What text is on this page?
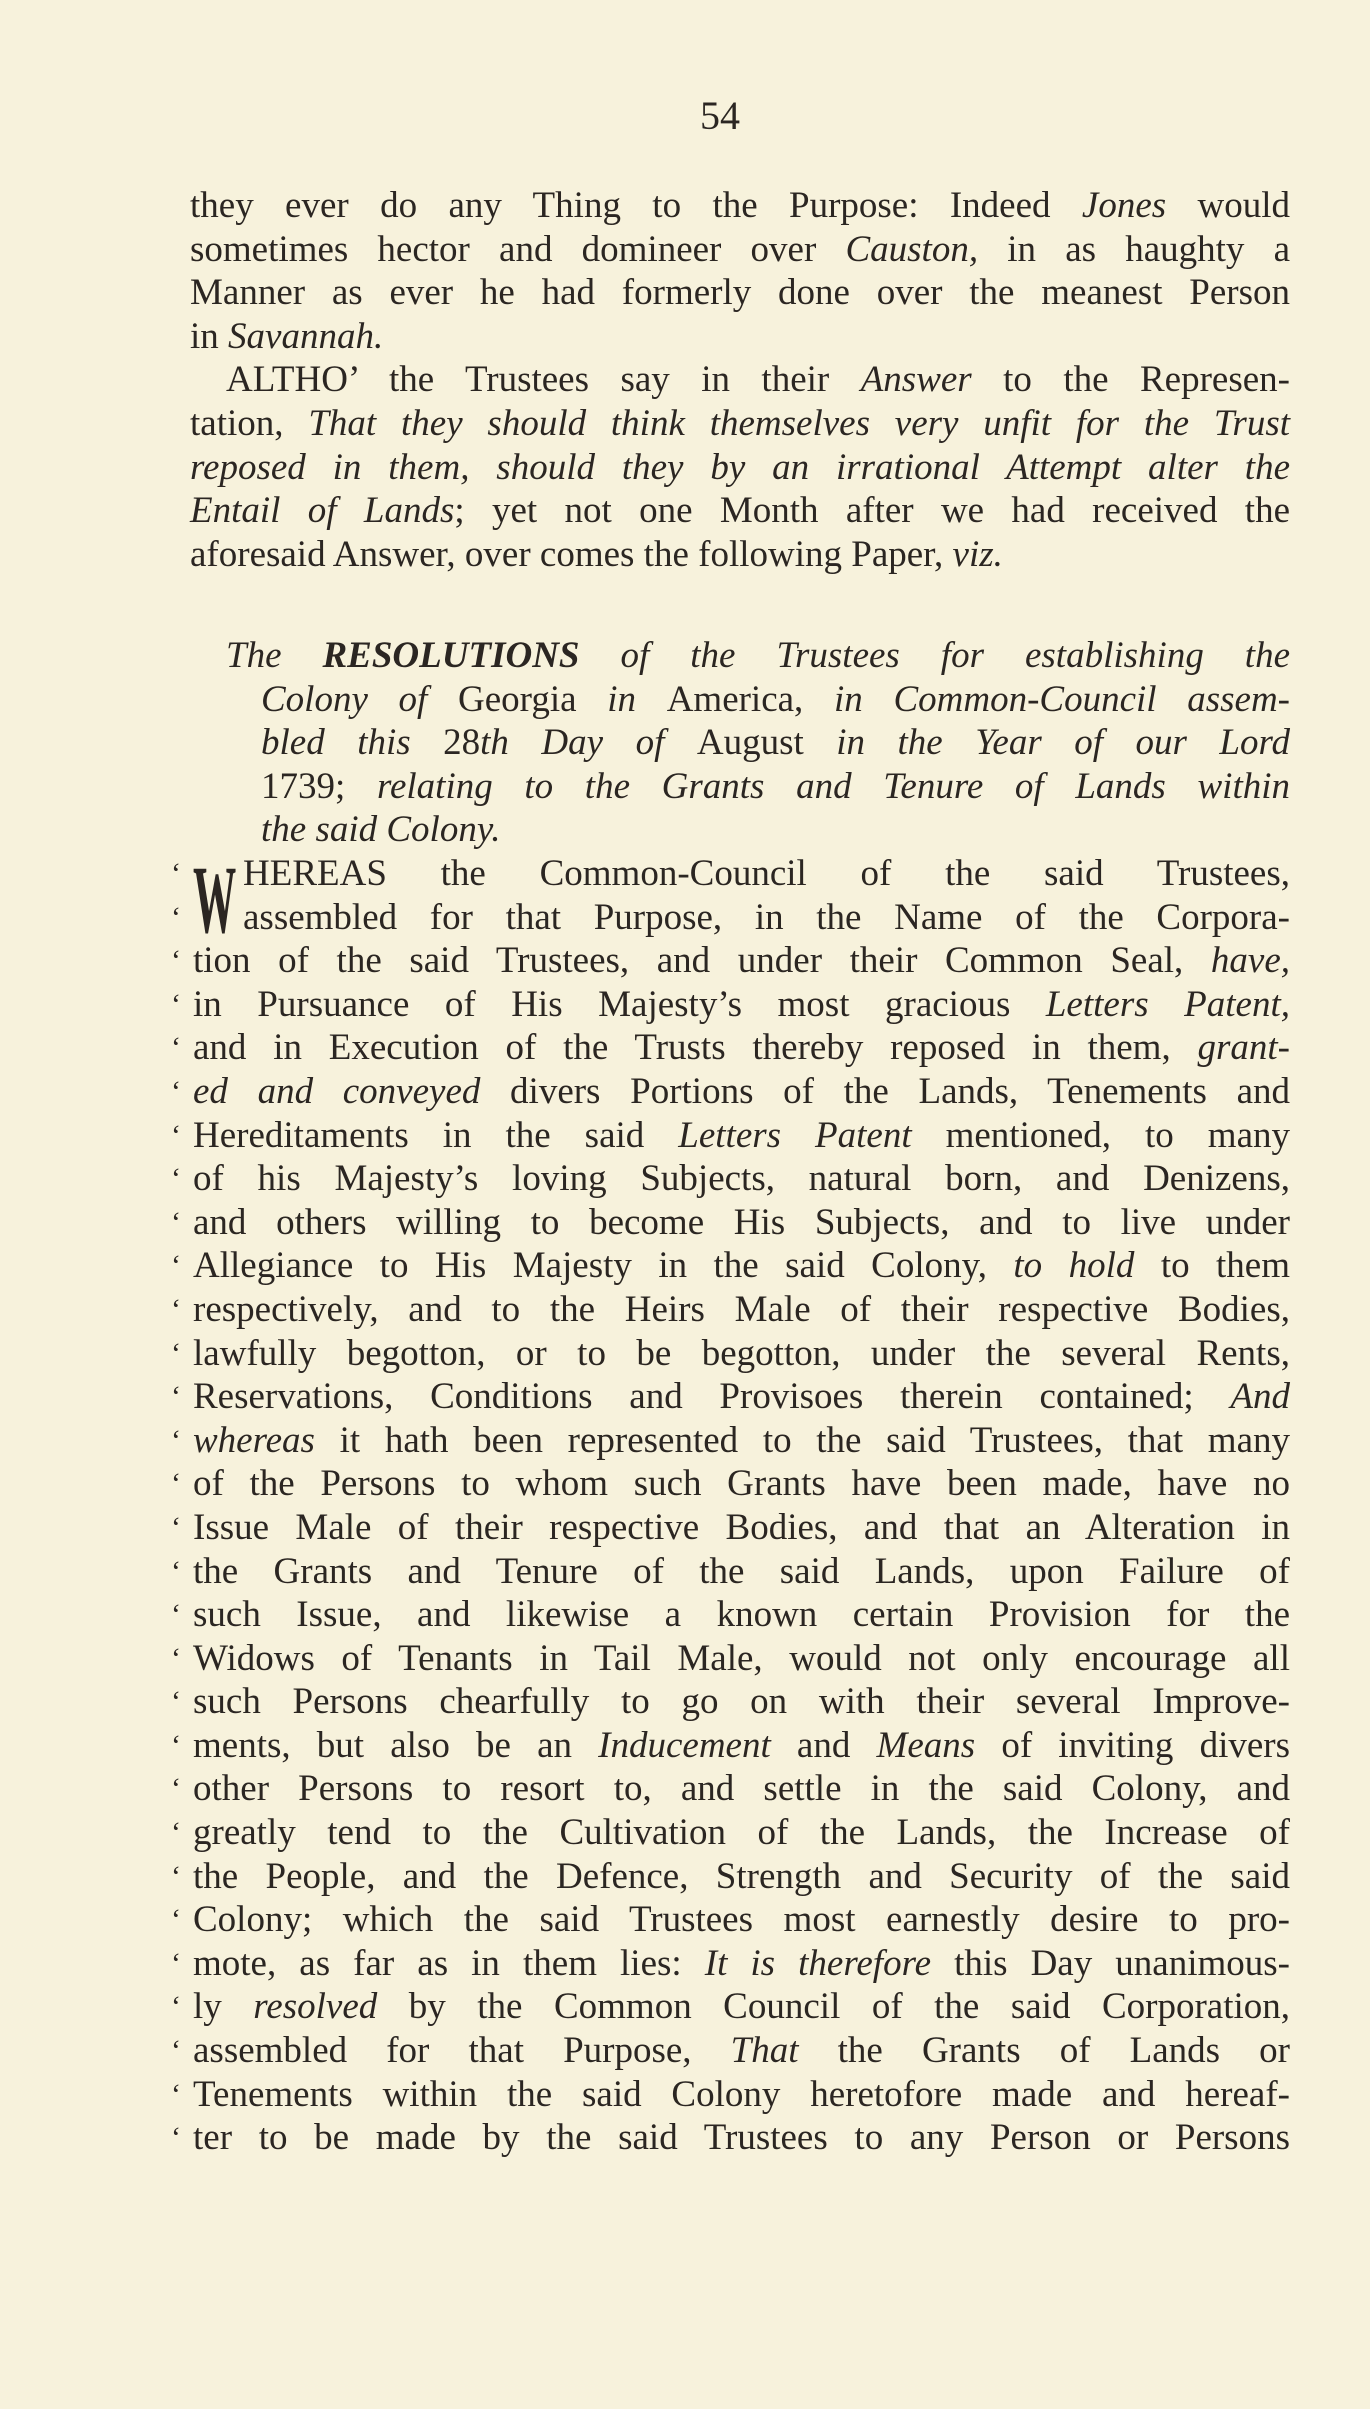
54
they ever do any Thing to the Purpose: Indeed Jones would
sometimes hector and domineer over Causton, in as haughty a
Manner as ever he had formerly done over the meanest Person
in Savannah.
ALTHO’ the Trustees say in their Answer to the Represen-
tation, That they should think themselves very unfit for the Trust
reposed in them, should they by an irrational Attempt alter the
Entail of Lands; yet not one Month after we had received the
aforesaid Answer, over comes the following Paper, viz.
The RESOLUTIONS of the Trustees for establishing the
Colony of Georgia in America, in Common-Council assem-
bled this 28th Day of August in the Year of our Lord
1739; relating to the Grants and Tenure of Lands within
the said Colony.
W
‘ HEREAS the Common-Council of the said Trustees,
‘ assembled for that Purpose, in the Name of the Corpora-
‘ tion of the said Trustees, and under their Common Seal, have,
‘ in Pursuance of His Majesty’s most gracious Letters Patent,
‘ and in Execution of the Trusts thereby reposed in them, grant-
‘ ed and conveyed divers Portions of the Lands, Tenements and
‘ Hereditaments in the said Letters Patent mentioned, to many
‘ of his Majesty’s loving Subjects, natural born, and Denizens,
‘ and others willing to become His Subjects, and to live under
‘ Allegiance to His Majesty in the said Colony, to hold to them
‘ respectively, and to the Heirs Male of their respective Bodies,
‘ lawfully begotton, or to be begotton, under the several Rents,
‘ Reservations, Conditions and Provisoes therein contained; And
‘ whereas it hath been represented to the said Trustees, that many
‘ of the Persons to whom such Grants have been made, have no
‘ Issue Male of their respective Bodies, and that an Alteration in
‘ the Grants and Tenure of the said Lands, upon Failure of
‘ such Issue, and likewise a known certain Provision for the
‘ Widows of Tenants in Tail Male, would not only encourage all
‘ such Persons chearfully to go on with their several Improve-
‘ ments, but also be an Inducement and Means of inviting divers
‘ other Persons to resort to, and settle in the said Colony, and
‘ greatly tend to the Cultivation of the Lands, the Increase of
‘ the People, and the Defence, Strength and Security of the said
‘ Colony; which the said Trustees most earnestly desire to pro-
‘ mote, as far as in them lies: It is therefore this Day unanimous-
‘ ly resolved by the Common Council of the said Corporation,
‘ assembled for that Purpose, That the Grants of Lands or
‘ Tenements within the said Colony heretofore made and hereaf-
‘ ter to be made by the said Trustees to any Person or Persons
